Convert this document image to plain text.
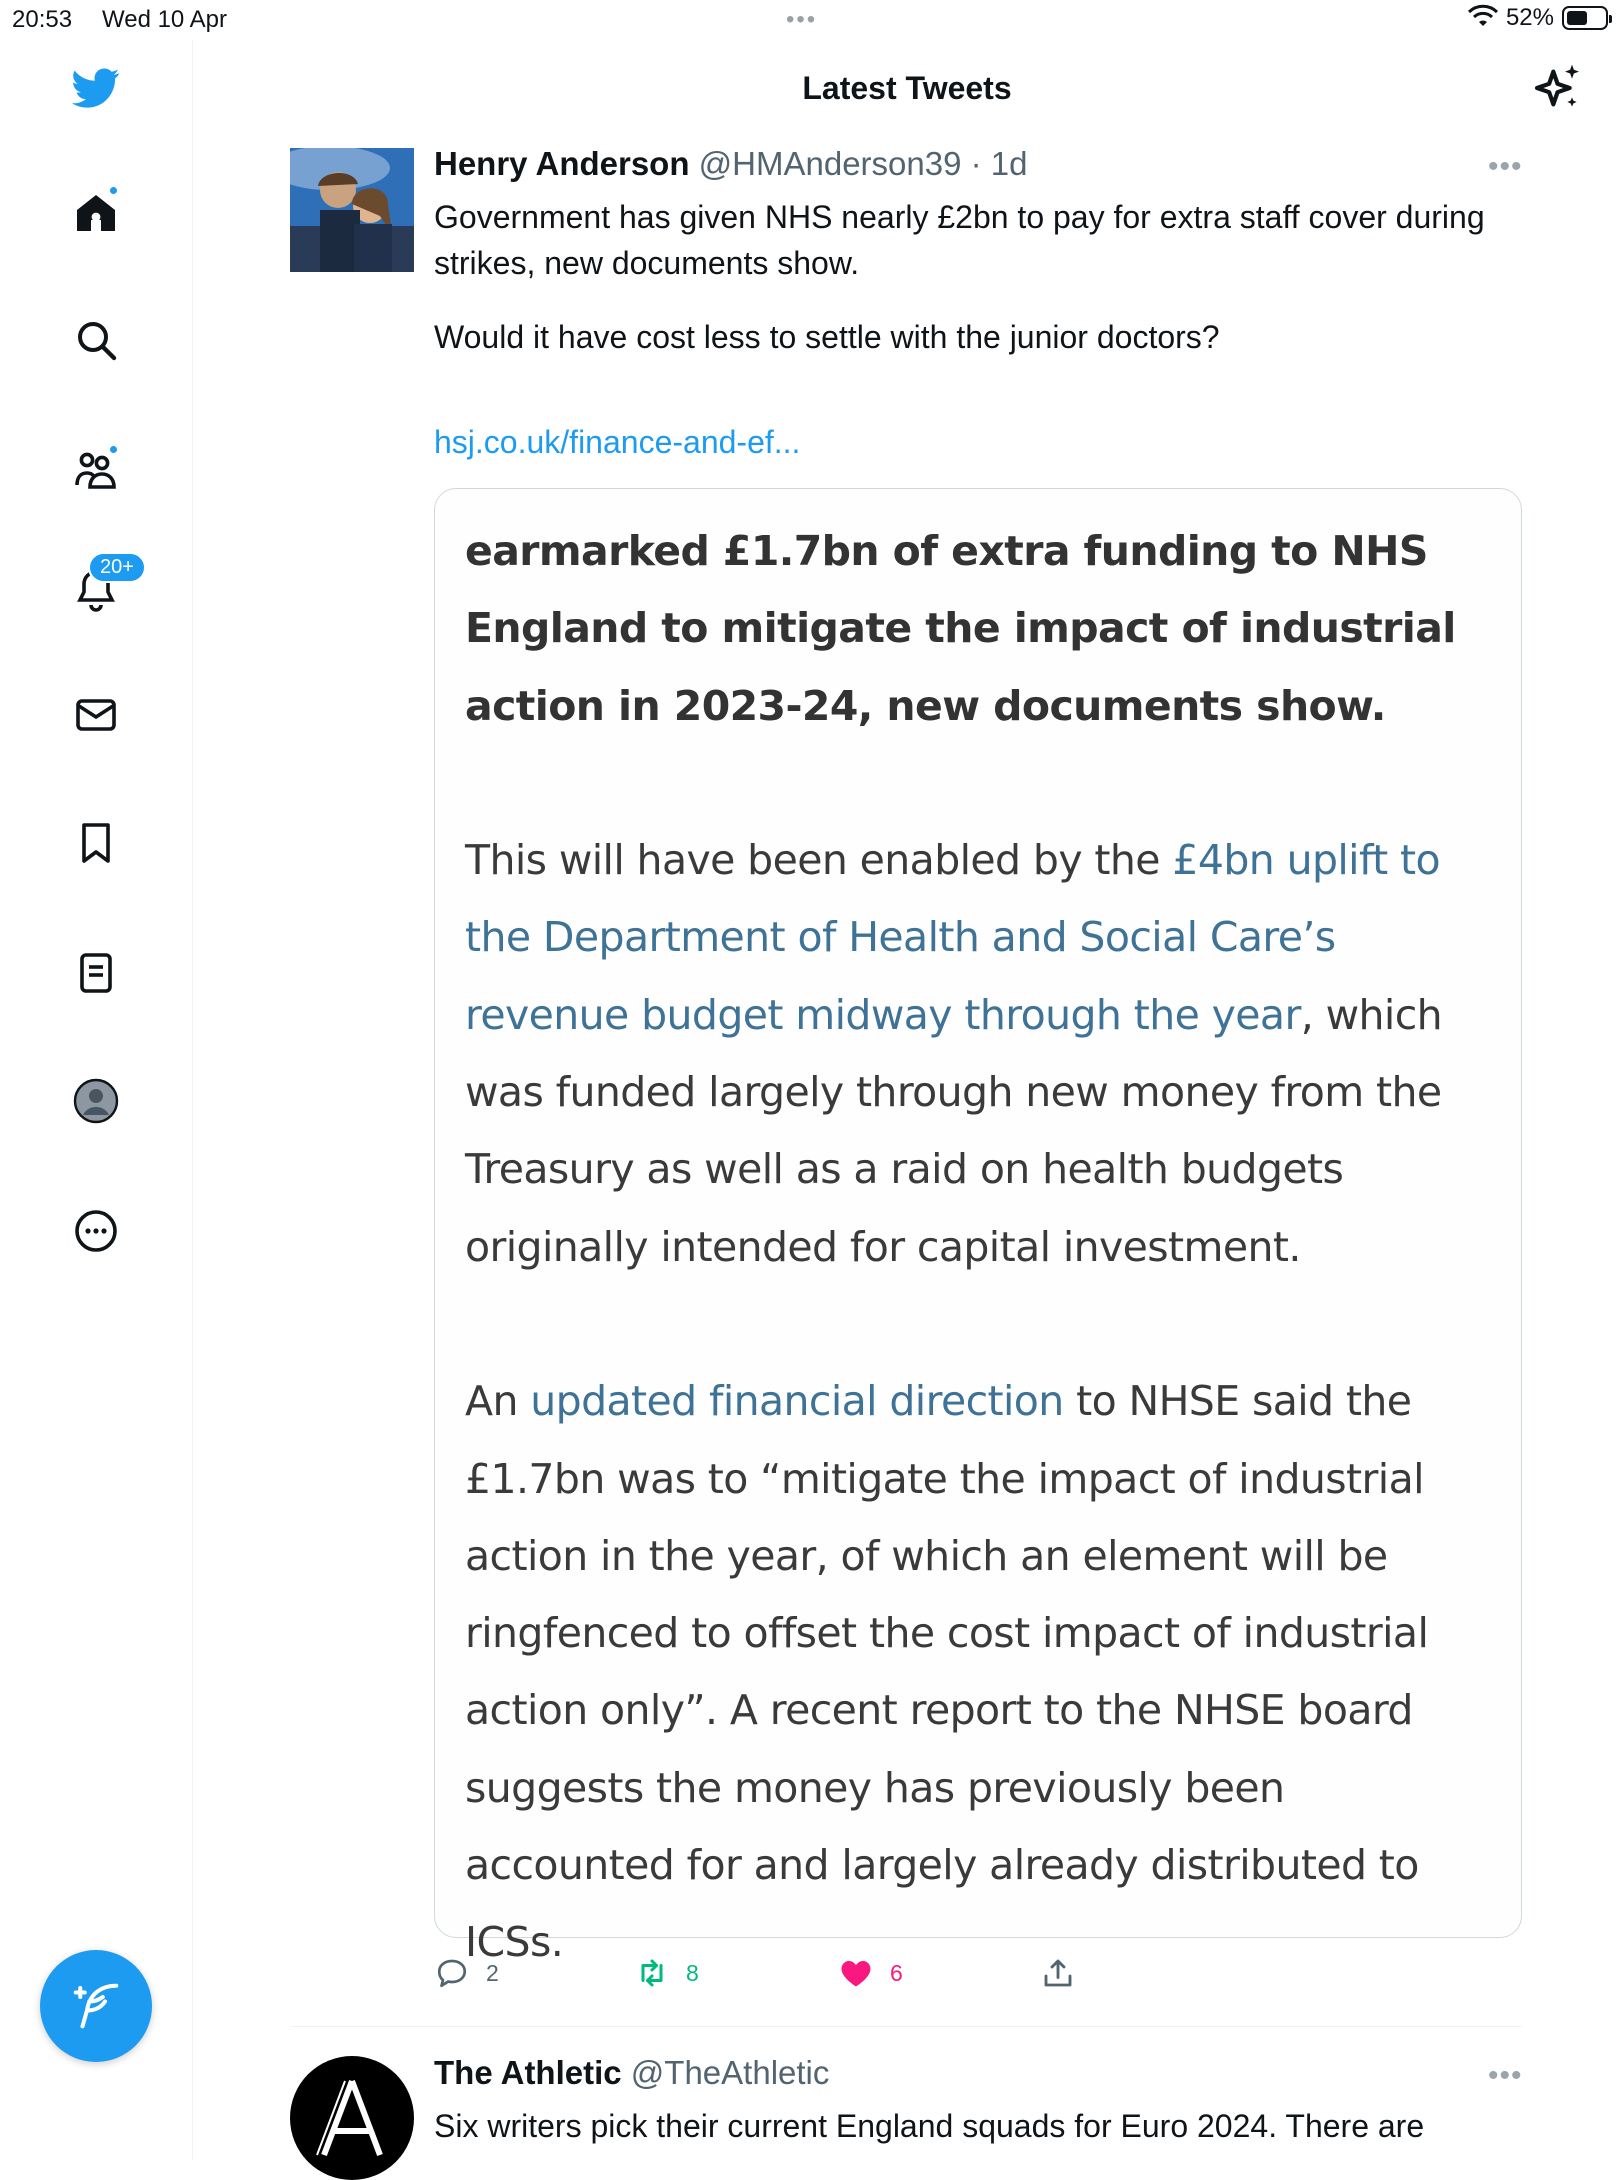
20:53 Wed 10 Apr	•••	52%
20+
Latest Tweets
Henry Anderson @HMAnderson39 · 1d	•••

Government has given NHS nearly £2bn to pay for extra staff cover during strikes, new documents show.

Would it have cost less to settle with the junior doctors?

hsj.co.uk/finance-and-ef...
earmarked £1.7bn of extra funding to NHS England to mitigate the impact of industrial action in 2023-24, new documents show.
This will have been enabled by the £4bn uplift to the Department of Health and Social Care’s revenue budget midway through the year, which was funded largely through new money from the Treasury as well as a raid on health budgets originally intended for capital investment.
An updated financial direction to NHSE said the £1.7bn was to “mitigate the impact of industrial action in the year, of which an element will be ringfenced to offset the cost impact of industrial action only”. A recent report to the NHSE board suggests the money has previously been accounted for and largely already distributed to ICSs.
2	8	6
The Athletic @TheAthletic	•••
Six writers pick their current England squads for Euro 2024. There are
